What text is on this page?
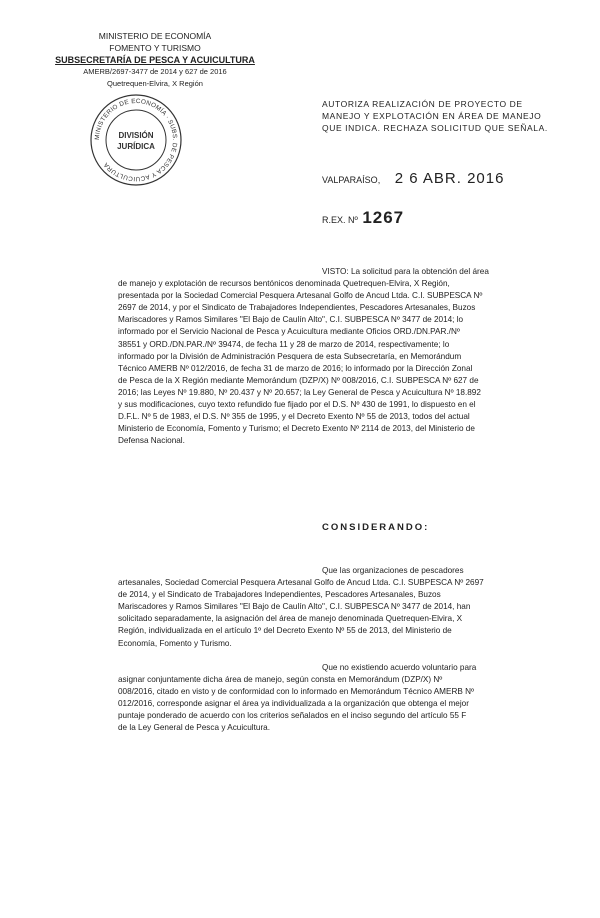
MINISTERIO DE ECONOMÍA
FOMENTO Y TURISMO
SUBSECRETARÍA DE PESCA Y ACUICULTURA
AMERB/2697-3477 de 2014 y 627 de 2016
Quetrequen-Elvira, X Región
MINISTERIO DE ECONOMÍA · SUBS. DE PESCA Y ACUICULTURA
DIVISIÓN
JURÍDICA
AUTORIZA REALIZACIÓN DE PROYECTO DE
MANEJO Y EXPLOTACIÓN EN ÁREA DE MANEJO
QUE INDICA. RECHAZA SOLICITUD QUE SEÑALA.
VALPARAÍSO, 2 6 ABR. 2016
R.EX. Nº 1267
VISTO: La solicitud para la obtención del área
de manejo y explotación de recursos bentónicos denominada Quetrequen-Elvira, X Región,
presentada por la Sociedad Comercial Pesquera Artesanal Golfo de Ancud Ltda. C.I. SUBPESCA Nº
2697 de 2014, y por el Sindicato de Trabajadores Independientes, Pescadores Artesanales, Buzos
Mariscadores y Ramos Similares "El Bajo de Caulín Alto", C.I. SUBPESCA Nº 3477 de 2014; lo
informado por el Servicio Nacional de Pesca y Acuicultura mediante Oficios ORD./DN.PAR./Nº
38551 y ORD./DN.PAR./Nº 39474, de fecha 11 y 28 de marzo de 2014, respectivamente; lo
informado por la División de Administración Pesquera de esta Subsecretaría, en Memorándum
Técnico AMERB Nº 012/2016, de fecha 31 de marzo de 2016; lo informado por la Dirección Zonal
de Pesca de la X Región mediante Memorándum (DZP/X) Nº 008/2016, C.I. SUBPESCA Nº 627 de
2016; las Leyes Nº 19.880, Nº 20.437 y Nº 20.657; la Ley General de Pesca y Acuicultura Nº 18.892
y sus modificaciones, cuyo texto refundido fue fijado por el D.S. Nº 430 de 1991, lo dispuesto en el
D.F.L. Nº 5 de 1983, el D.S. Nº 355 de 1995, y el Decreto Exento Nº 55 de 2013, todos del actual
Ministerio de Economía, Fomento y Turismo; el Decreto Exento Nº 2114 de 2013, del Ministerio de
Defensa Nacional.
CONSIDERANDO:
Que las organizaciones de pescadores
artesanales, Sociedad Comercial Pesquera Artesanal Golfo de Ancud Ltda. C.I. SUBPESCA Nº 2697
de 2014, y el Sindicato de Trabajadores Independientes, Pescadores Artesanales, Buzos
Mariscadores y Ramos Similares "El Bajo de Caulín Alto", C.I. SUBPESCA Nº 3477 de 2014, han
solicitado separadamente, la asignación del área de manejo denominada Quetrequen-Elvira, X
Región, individualizada en el artículo 1º del Decreto Exento Nº 55 de 2013, del Ministerio de
Economía, Fomento y Turismo.
Que no existiendo acuerdo voluntario para
asignar conjuntamente dicha área de manejo, según consta en Memorándum (DZP/X) Nº
008/2016, citado en visto y de conformidad con lo informado en Memorándum Técnico AMERB Nº
012/2016, corresponde asignar el área ya individualizada a la organización que obtenga el mejor
puntaje ponderado de acuerdo con los criterios señalados en el inciso segundo del artículo 55 F
de la Ley General de Pesca y Acuicultura.
